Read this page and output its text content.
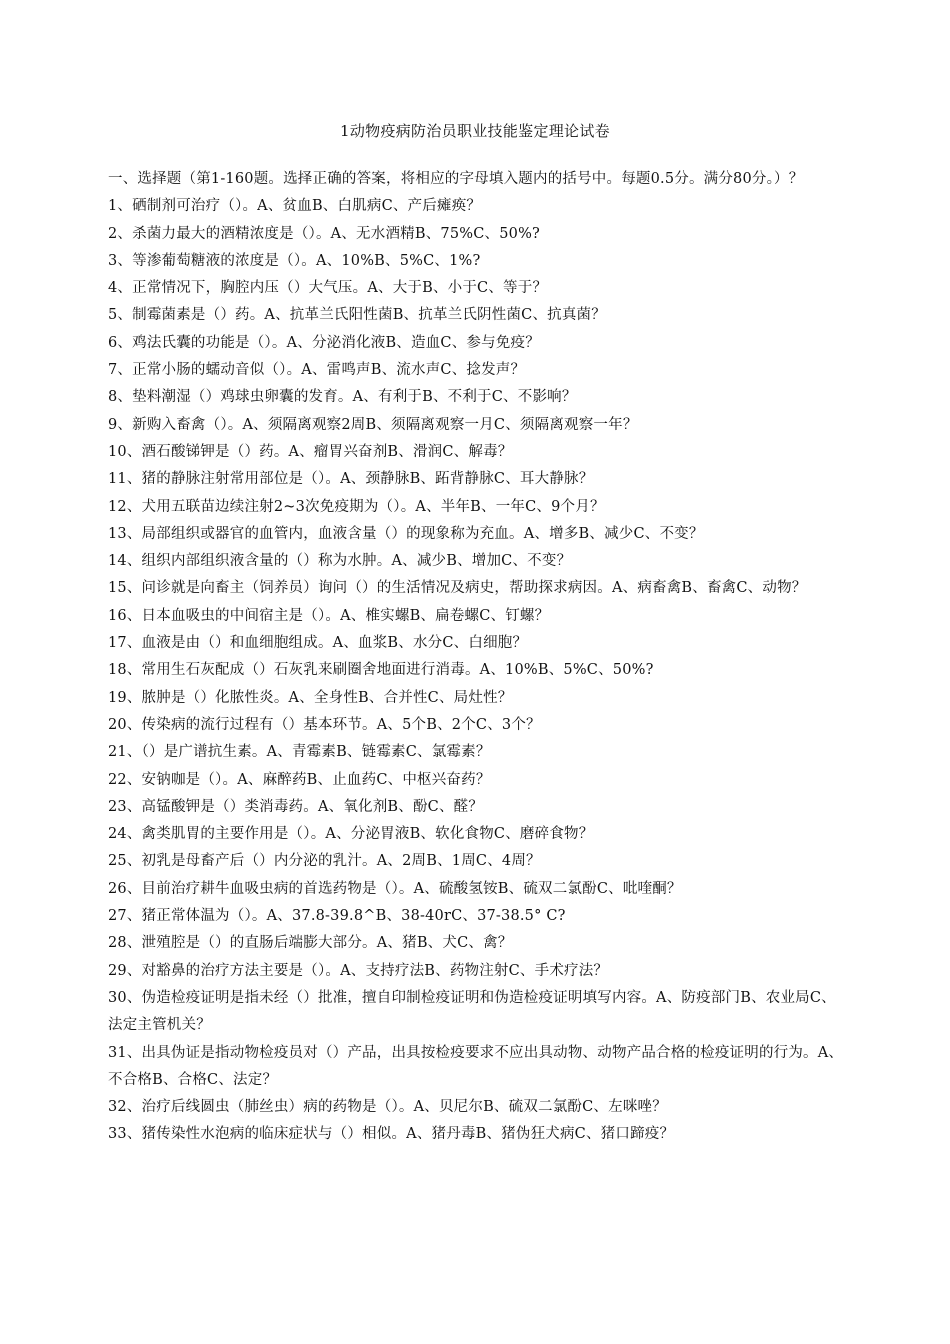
1动物疫病防治员职业技能鉴定理论试卷

一、选择题（第1-160题。选择正确的答案，将相应的字母填入题内的括号中。每题0.5分。满分80分。）？

1、硒制剂可治疗（）。A、贫血B、白肌病C、产后瘫痪？

2、杀菌力最大的酒精浓度是（）。A、无水酒精B、75%C、50%?

3、等渗葡萄糖液的浓度是（）。A、10%B、5%C、1%?

4、正常情况下，胸腔内压（）大气压。A、大于B、小于C、等于？

5、制霉菌素是（）药。A、抗革兰氏阳性菌B、抗革兰氏阴性菌C、抗真菌？

6、鸡法氏囊的功能是（）。A、分泌消化液B、造血C、参与免疫？

7、正常小肠的蠕动音似（）。A、雷鸣声B、流水声C、捻发声？

8、垫料潮湿（）鸡球虫卵囊的发育。A、有利于B、不利于C、不影响？

9、新购入畜禽（）。A、须隔离观察2周B、须隔离观察一月C、须隔离观察一年？

10、酒石酸锑钾是（）药。A、瘤胃兴奋剂B、滑润C、解毒？

11、猪的静脉注射常用部位是（）。A、颈静脉B、跖背静脉C、耳大静脉？

12、犬用五联苗边续注射2~3次免疫期为（）。A、半年B、一年C、9个月？

13、局部组织或器官的血管内，血液含量（）的现象称为充血。A、增多B、减少C、不变？

14、组织内部组织液含量的（）称为水肿。A、减少B、增加C、不变？

15、问诊就是向畜主（饲养员）询问（）的生活情况及病史，帮助探求病因。A、病畜禽B、畜禽C、动物？

16、日本血吸虫的中间宿主是（）。A、椎实螺B、扁卷螺C、钉螺？

17、血液是由（）和血细胞组成。A、血浆B、水分C、白细胞？

18、常用生石灰配成（）石灰乳来刷圈舍地面进行消毒。A、10%B、5%C、50%?

19、脓肿是（）化脓性炎。A、全身性B、合并性C、局灶性？

20、传染病的流行过程有（）基本环节。A、5个B、2个C、3个？

21、（）是广谱抗生素。A、青霉素B、链霉素C、氯霉素？

22、安钠咖是（）。A、麻醉药B、止血药C、中枢兴奋药？

23、高锰酸钾是（）类消毒药。A、氧化剂B、酚C、醛？

24、禽类肌胃的主要作用是（）。A、分泌胃液B、软化食物C、磨碎食物？

25、初乳是母畜产后（）内分泌的乳汁。A、2周B、1周C、4周？

26、目前治疗耕牛血吸虫病的首选药物是（）。A、硫酸氢铵B、硫双二氯酚C、吡喹酮？

27、猪正常体温为（）。A、37.8-39.8^B、38-40rC、37-38.5° C?

28、泄殖腔是（）的直肠后端膨大部分。A、猪B、犬C、禽？

29、对豁鼻的治疗方法主要是（）。A、支持疗法B、药物注射C、手术疗法？

30、伪造检疫证明是指未经（）批准，擅自印制检疫证明和伪造检疫证明填写内容。A、防疫部门B、农业局C、法定主管机关？

31、出具伪证是指动物检疫员对（）产品，出具按检疫要求不应出具动物、动物产品合格的检疫证明的行为。A、不合格B、合格C、法定？

32、治疗后线圆虫（肺丝虫）病的药物是（）。A、贝尼尔B、硫双二氯酚C、左咪唑？

33、猪传染性水泡病的临床症状与（）相似。A、猪丹毒B、猪伪狂犬病C、猪口蹄疫？
